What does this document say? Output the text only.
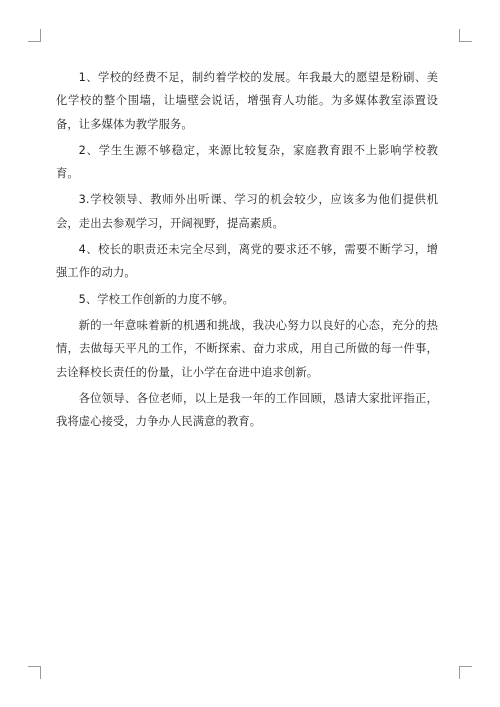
1、学校的经费不足，制约着学校的发展。年我最大的愿望是粉刷、美化学校的整个围墙，让墙壁会说话，增强育人功能。为多媒体教室添置设备，让多媒体为教学服务。

2、学生生源不够稳定，来源比较复杂，家庭教育跟不上影响学校教育。

3.学校领导、教师外出听课、学习的机会较少，应该多为他们提供机会，走出去参观学习，开阔视野，提高素质。

4、校长的职责还未完全尽到，离党的要求还不够，需要不断学习，增强工作的动力。

5、学校工作创新的力度不够。

新的一年意味着新的机遇和挑战，我决心努力以良好的心态，充分的热情，去做每天平凡的工作，不断探索、奋力求成，用自己所做的每一件事，去诠释校长责任的份量，让小学在奋进中追求创新。

各位领导、各位老师，以上是我一年的工作回顾，恳请大家批评指正，我将虚心接受，力争办人民满意的教育。
